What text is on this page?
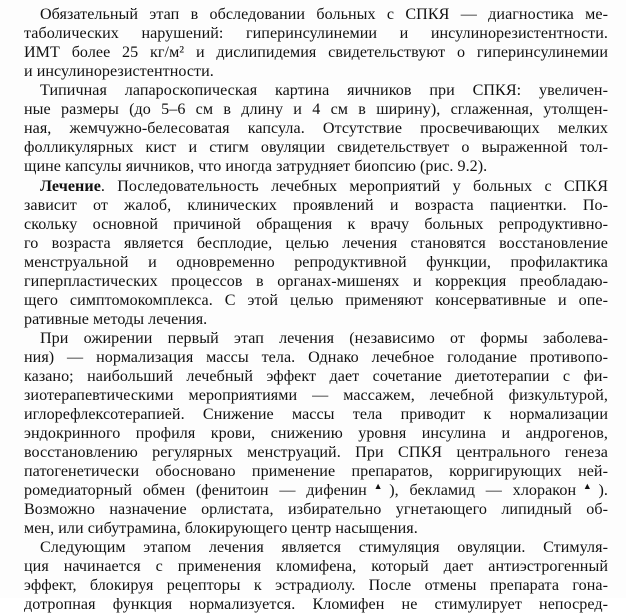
Обязательный этап в обследовании больных с СПКЯ — диагностика ме-
таболических нарушений: гиперинсулинемии и инсулинорезистентности.
ИМТ более 25 кг/м² и дислипидемия свидетельствуют о гиперинсулинемии
и инсулинорезистентности.
Типичная лапароскопическая картина яичников при СПКЯ: увеличен-
ные размеры (до 5–6 см в длину и 4 см в ширину), сглаженная, утолщен-
ная, жемчужно-белесоватая капсула. Отсутствие просвечивающих мелких
фолликулярных кист и стигм овуляции свидетельствует о выраженной тол-
щине капсулы яичников, что иногда затрудняет биопсию (рис. 9.2).
Лечение. Последовательность лечебных мероприятий у больных с СПКЯ
зависит от жалоб, клинических проявлений и возраста пациентки. По-
скольку основной причиной обращения к врачу больных репродуктивно-
го возраста является бесплодие, целью лечения становятся восстановление
менструальной и одновременно репродуктивной функции, профилактика
гиперпластических процессов в органах-мишенях и коррекция преобладаю-
щего симптомокомплекса. С этой целью применяют консервативные и опе-
ративные методы лечения.
При ожирении первый этап лечения (независимо от формы заболева-
ния) — нормализация массы тела. Однако лечебное голодание противопо-
казано; наибольший лечебный эффект дает сочетание диетотерапии с фи-
зиотерапевтическими мероприятиями — массажем, лечебной физкультурой,
иглорефлексотерапией. Снижение массы тела приводит к нормализации
эндокринного профиля крови, снижению уровня инсулина и андрогенов,
восстановлению регулярных менструаций. При СПКЯ центрального генеза
патогенетически обосновано применение препаратов, корригирующих ней-
ромедиаторный обмен (фенитоин — дифенин▲), бекламид — хлоракон▲).
Возможно назначение орлистата, избирательно угнетающего липидный об-
мен, или сибутрамина, блокирующего центр насыщения.
Следующим этапом лечения является стимуляция овуляции. Стимуля-
ция начинается с применения кломифена, который дает антиэстрогенный
эффект, блокируя рецепторы к эстрадиолу. После отмены препарата гона-
дотропная функция нормализуется. Кломифен не стимулирует непосред-
